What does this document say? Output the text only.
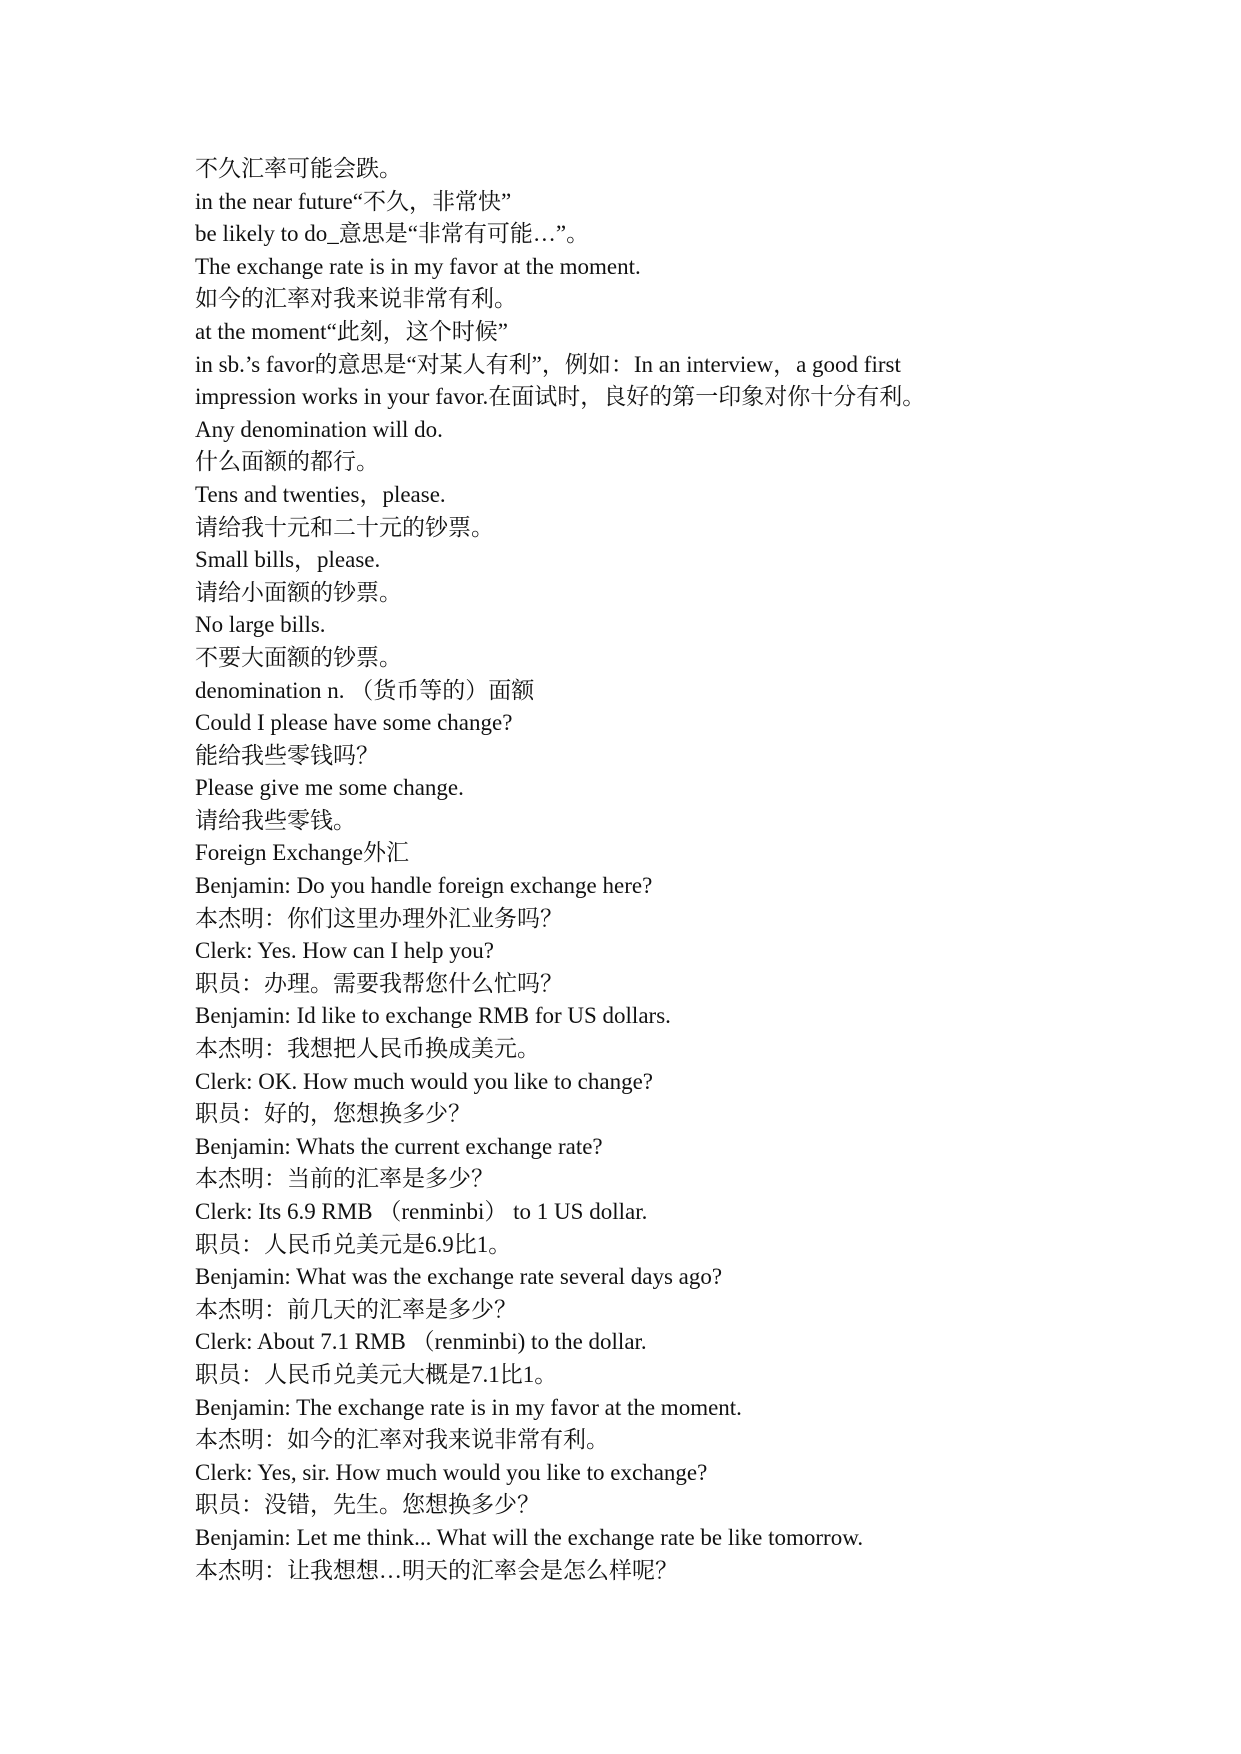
不久汇率可能会跌。
in the near future“不久，非常快”
be likely to do_意思是“非常有可能…”。
The exchange rate is in my favor at the moment.
如今的汇率对我来说非常有利。
at the moment“此刻，这个时候”
in sb.’s favor的意思是“对某人有利”，例如：In an interview，a good first
impression works in your favor.在面试时，良好的第一印象对你十分有利。
Any denomination will do.
什么面额的都行。
Tens and twenties，please.
请给我十元和二十元的钞票。
Small bills，please.
请给小面额的钞票。
No large bills.
不要大面额的钞票。
denomination n. （货币等的）面额
Could I please have some change?
能给我些零钱吗？
Please give me some change.
请给我些零钱。
Foreign Exchange外汇
Benjamin: Do you handle foreign exchange here?
本杰明：你们这里办理外汇业务吗？
Clerk: Yes. How can I help you?
职员：办理。需要我帮您什么忙吗？
Benjamin: Id like to exchange RMB for US dollars.
本杰明：我想把人民币换成美元。
Clerk: OK. How much would you like to change?
职员：好的，您想换多少？
Benjamin: Whats the current exchange rate?
本杰明：当前的汇率是多少？
Clerk: Its 6.9 RMB （renminbi） to 1 US dollar.
职员：人民币兑美元是6.9比1。
Benjamin: What was the exchange rate several days ago?
本杰明：前几天的汇率是多少？
Clerk: About 7.1 RMB （renminbi) to the dollar.
职员：人民币兑美元大概是7.1比1。
Benjamin: The exchange rate is in my favor at the moment.
本杰明：如今的汇率对我来说非常有利。
Clerk: Yes, sir. How much would you like to exchange?
职员：没错，先生。您想换多少？
Benjamin: Let me think... What will the exchange rate be like tomorrow.
本杰明：让我想想…明天的汇率会是怎么样呢？
